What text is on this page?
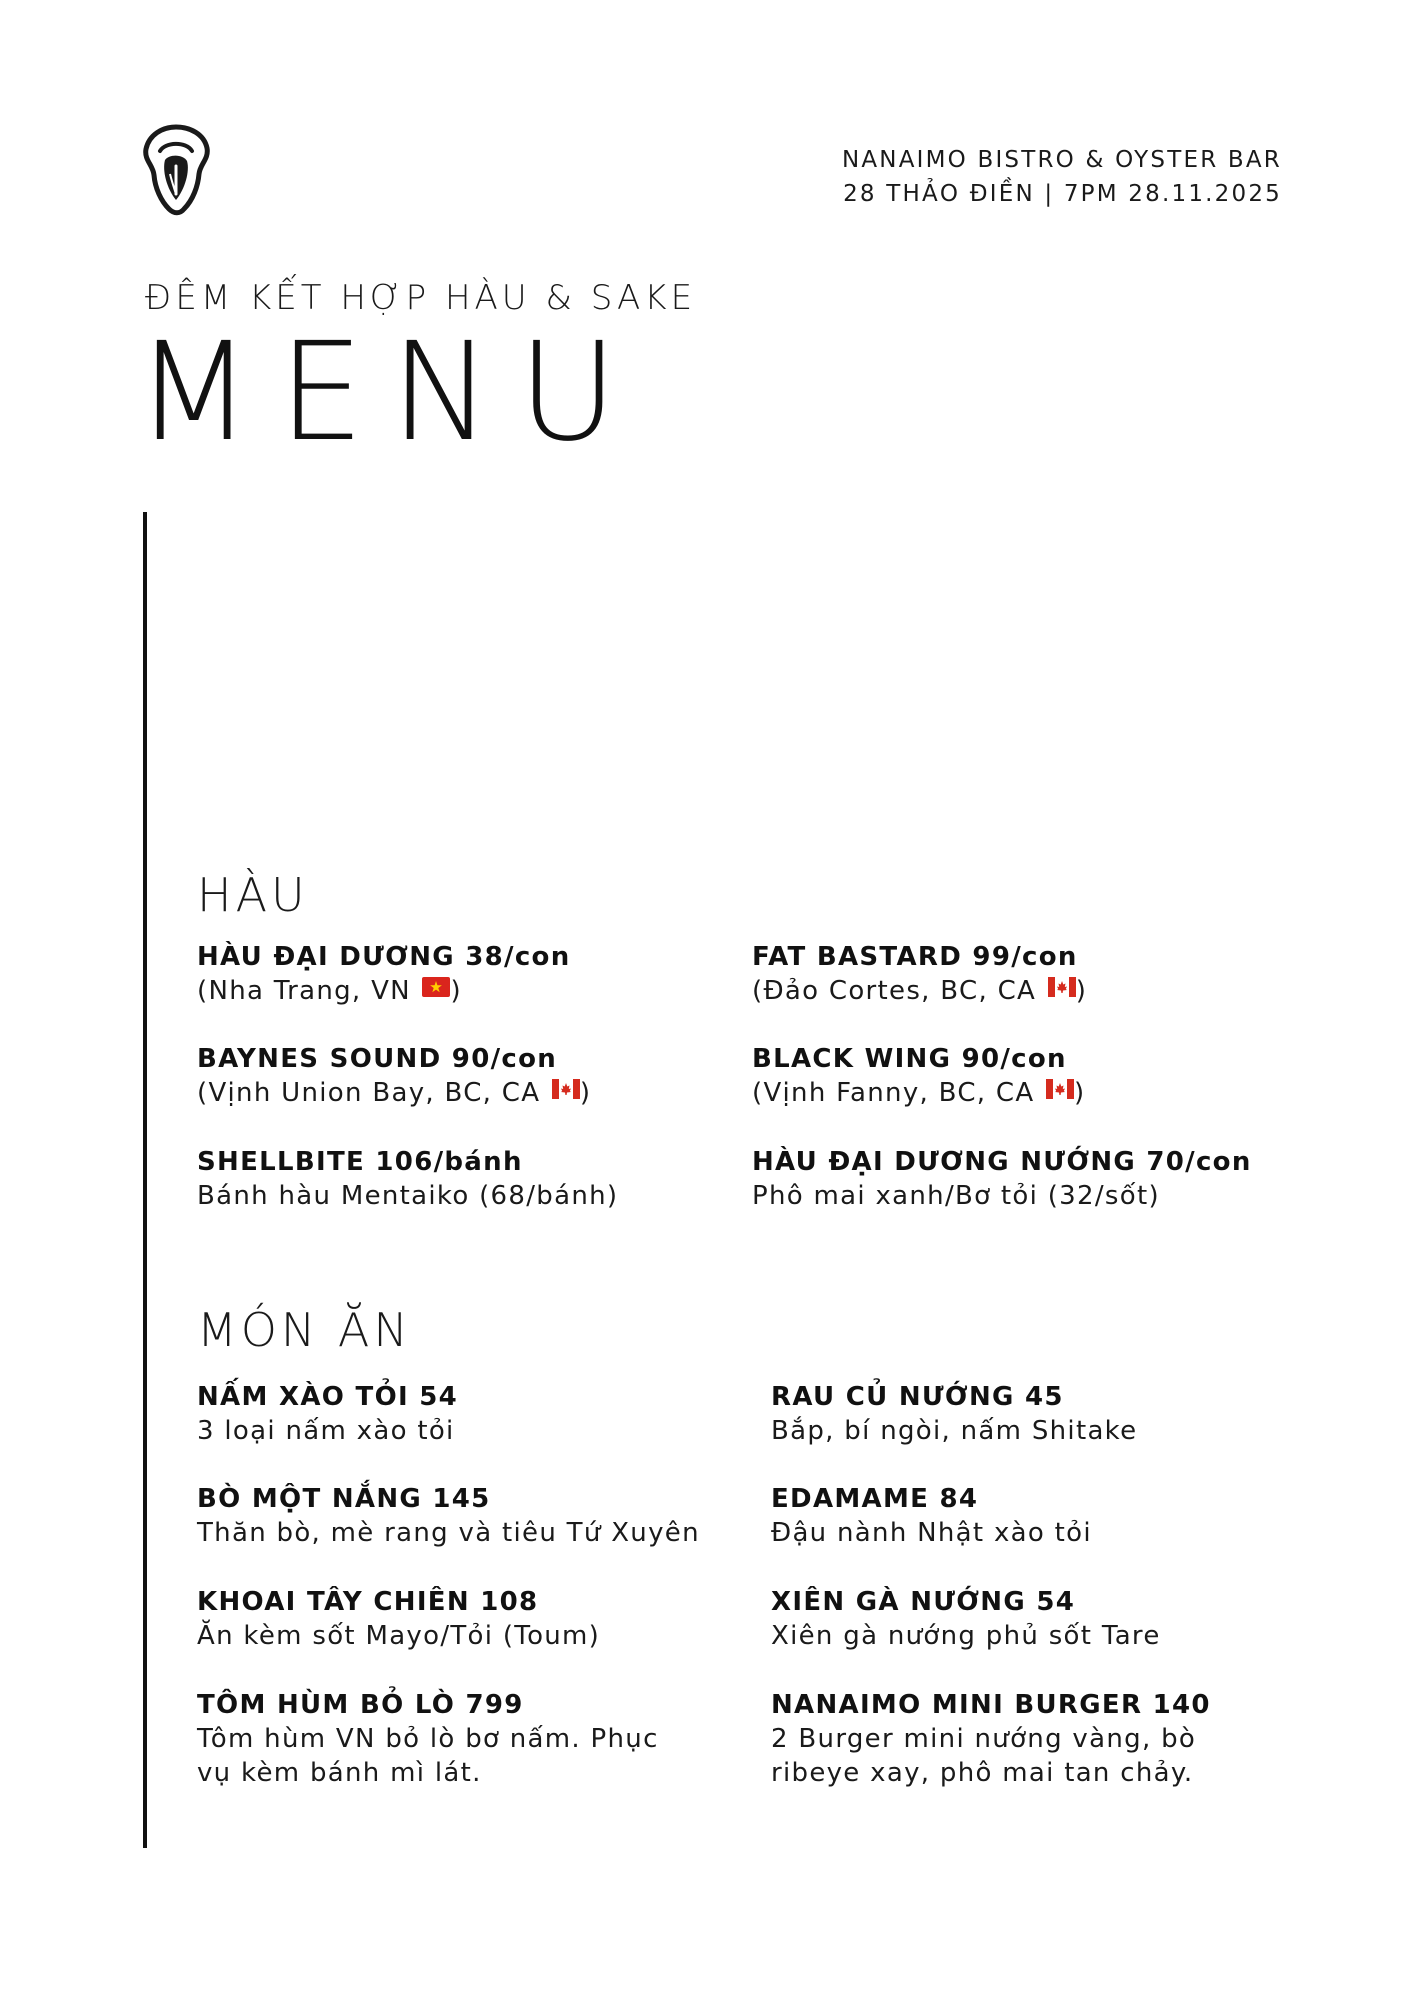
NANAIMO BISTRO & OYSTER BAR
28 THẢO ĐIỀN | 7PM 28.11.2025
ĐÊM KẾT HỢP HÀU & SAKE
MENU
HÀU
HÀU ĐẠI DƯƠNG 38/con
(Nha Trang, VN )
FAT BASTARD 99/con
(Đảo Cortes, BC, CA )
BAYNES SOUND 90/con
(Vịnh Union Bay, BC, CA )
BLACK WING 90/con
(Vịnh Fanny, BC, CA )
SHELLBITE 106/bánh
Bánh hàu Mentaiko (68/bánh)
HÀU ĐẠI DƯƠNG NƯỚNG 70/con
Phô mai xanh/Bơ tỏi (32/sốt)
MÓN ĂN
NẤM XÀO TỎI 54
3 loại nấm xào tỏi
RAU CỦ NƯỚNG 45
Bắp, bí ngòi, nấm Shitake
BÒ MỘT NẮNG 145
Thăn bò, mè rang và tiêu Tứ Xuyên
EDAMAME 84
Đậu nành Nhật xào tỏi
KHOAI TÂY CHIÊN 108
Ăn kèm sốt Mayo/Tỏi (Toum)
XIÊN GÀ NƯỚNG 54
Xiên gà nướng phủ sốt Tare
TÔM HÙM BỎ LÒ 799
Tôm hùm VN bỏ lò bơ nấm. Phục
vụ kèm bánh mì lát.
NANAIMO MINI BURGER 140
2 Burger mini nướng vàng, bò
ribeye xay, phô mai tan chảy.
